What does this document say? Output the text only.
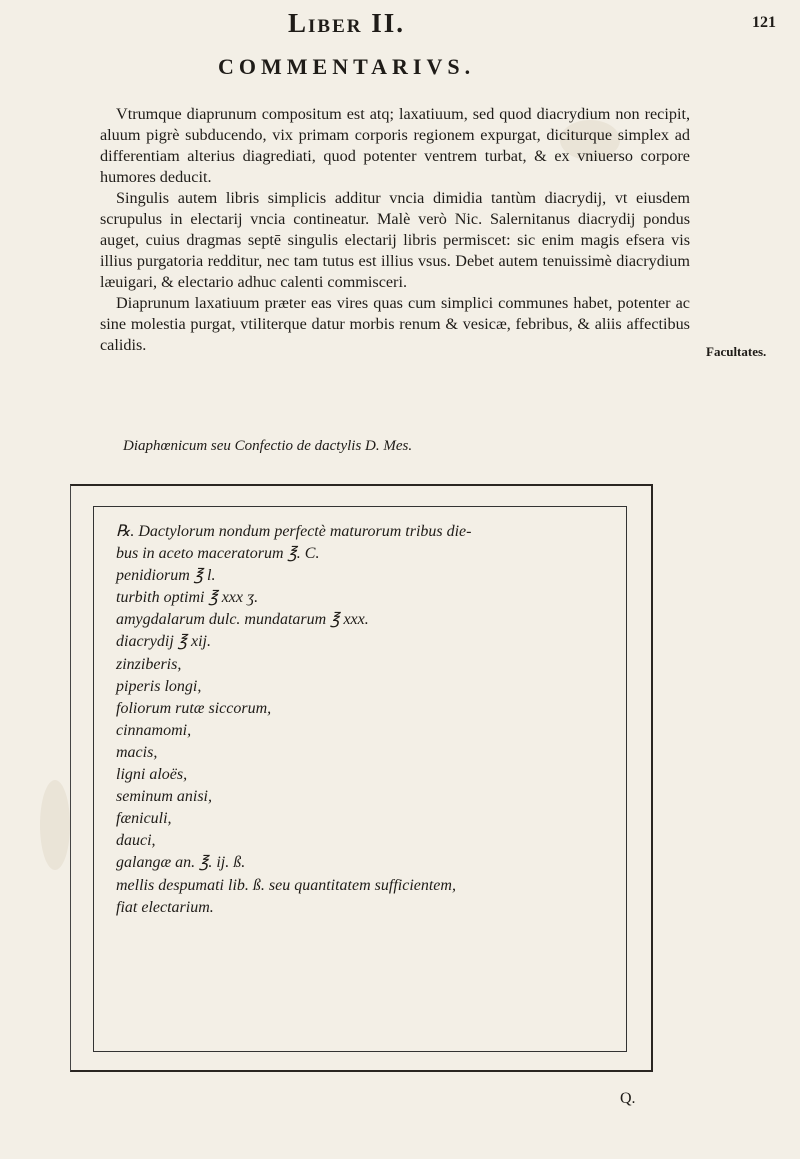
Liber II.	121
COMMENTARIVS.

Vtrumque diaprunum compositum est atq; laxatiuum, sed quod diacrydium non recipit, aluum pigrè subducendo, vix primam corporis regionem expurgat, diciturque simplex ad differentiam alterius diagrediati, quod potenter ventrem turbat, & ex vniuerso corpore humores deducit.

Singulis autem libris simplicis additur vncia dimidia tantùm diacrydij, vt eiusdem scrupulus in electarij vncia contineatur. Malè verò Nic. Salernitanus diacrydij pondus auget, cuius dragmas septē singulis electarij libris permiscet: sic enim magis efsera vis illius purgatoria redditur, nec tam tutus est illius vsus. Debet autem tenuissimè diacrydium læuigari, & electario adhuc calenti commisceri.

Diaprunum laxatiuum præter eas vires quas cum simplici communes habet, potenter ac sine molestia purgat, vtiliterque datur morbis renum & vesicæ, febribus, & aliis affectibus calidis.	Facultates.
Diaphœnicum seu Confectio de dactylis D. Mes.
℞. Dactylorum nondum perfectè maturorum tribus die-
bus in aceto maceratorum ℥. C.
penidiorum ℥ l.
turbith optimi ℥ xxx ʒ.
amygdalarum dulc. mundatarum ℥ xxx.
diacrydij ℥ xij.
zinziberis,
piperis longi,
foliorum rutæ siccorum,
cinnamomi,
macis,
ligni aloës,
seminum anisi,
fæniculi,
dauci,
galangæ an. ℥. ij. ß.
mellis despumati lib. ß. seu quantitatem sufficientem,
fiat electarium.
Q.
